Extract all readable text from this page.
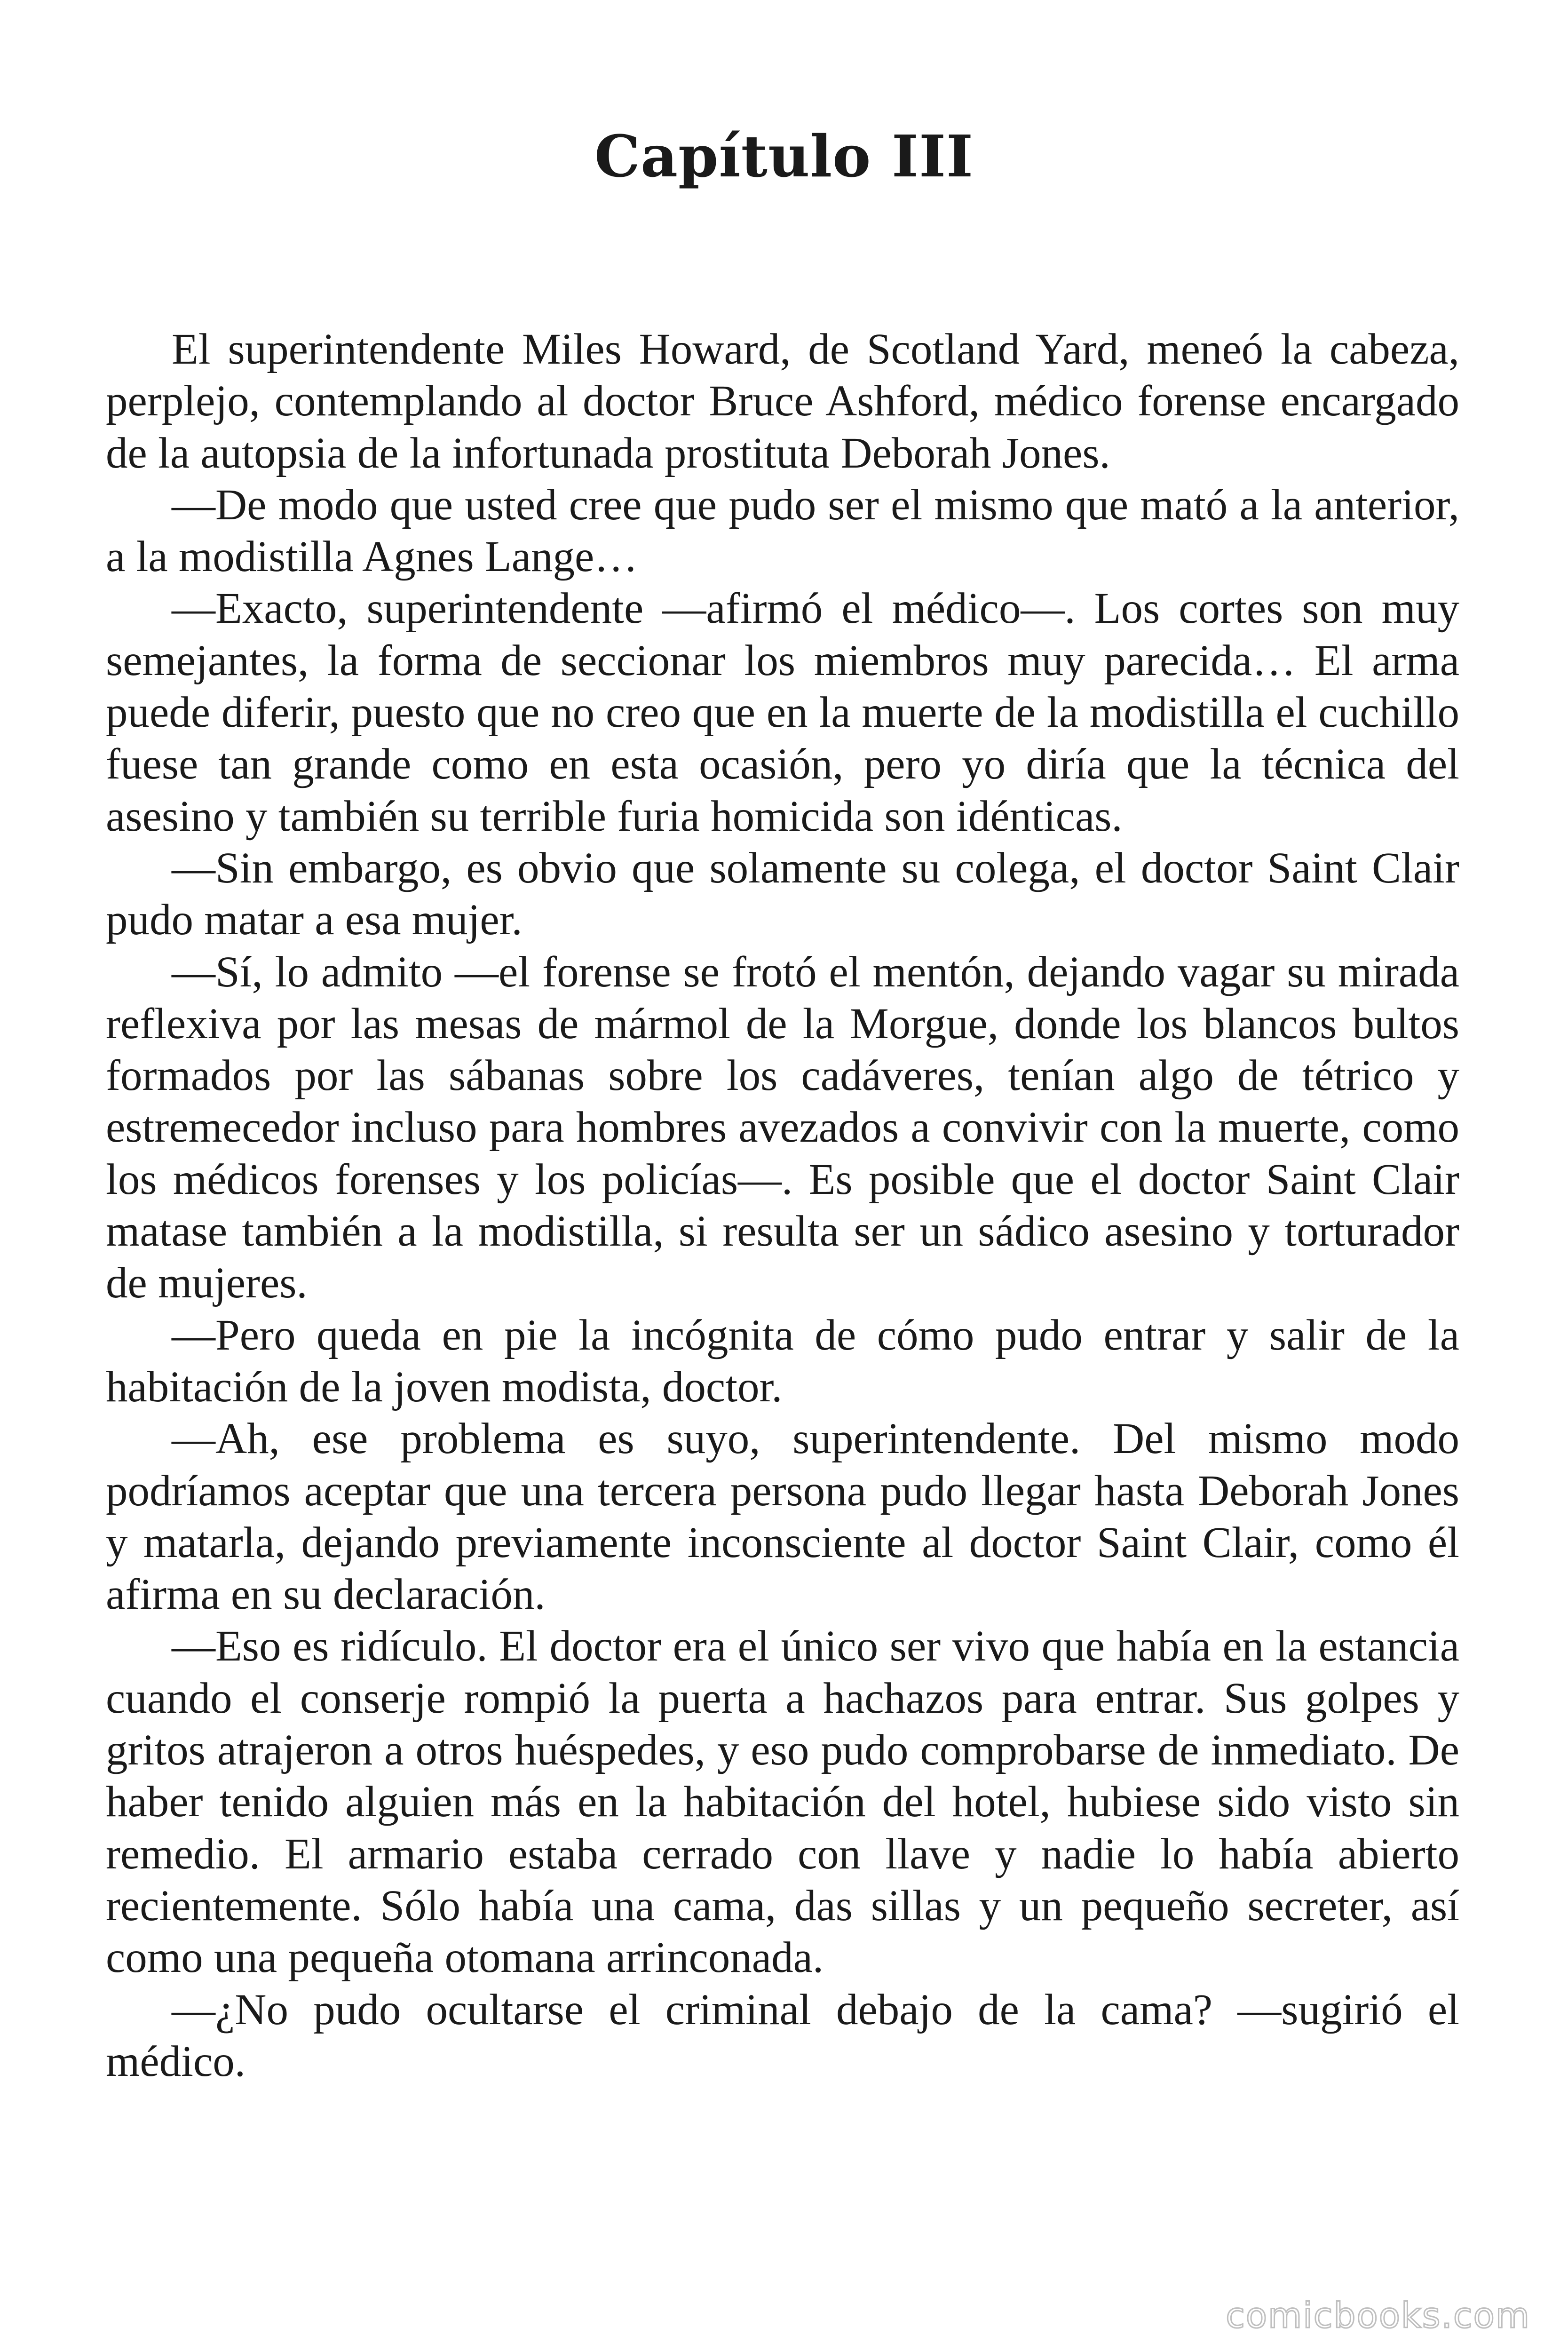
Capítulo III

El superintendente Miles Howard, de Scotland Yard, meneó la cabeza, perplejo, contemplando al doctor Bruce Ashford, médico forense encargado de la autopsia de la infortunada prostituta Deborah Jones.

—De modo que usted cree que pudo ser el mismo que mató a la anterior, a la modistilla Agnes Lange…

—Exacto, superintendente —afirmó el médico—. Los cortes son muy semejantes, la forma de seccionar los miembros muy parecida… El arma puede diferir, puesto que no creo que en la muerte de la modistilla el cuchillo fuese tan grande como en esta ocasión, pero yo diría que la técnica del asesino y también su terrible furia homicida son idénticas.

—Sin embargo, es obvio que solamente su colega, el doctor Saint Clair pudo matar a esa mujer.

—Sí, lo admito —el forense se frotó el mentón, dejando vagar su mirada reflexiva por las mesas de mármol de la Morgue, donde los blancos bultos formados por las sábanas sobre los cadáveres, tenían algo de tétrico y estremecedor incluso para hombres avezados a convivir con la muerte, como los médicos forenses y los policías—. Es posible que el doctor Saint Clair matase también a la modistilla, si resulta ser un sádico asesino y torturador de mujeres.

—Pero queda en pie la incógnita de cómo pudo entrar y salir de la habitación de la joven modista, doctor.

—Ah, ese problema es suyo, superintendente. Del mismo modo podríamos aceptar que una tercera persona pudo llegar hasta Deborah Jones y matarla, dejando previamente inconsciente al doctor Saint Clair, como él afirma en su declaración.

—Eso es ridículo. El doctor era el único ser vivo que había en la estancia cuando el conserje rompió la puerta a hachazos para entrar. Sus golpes y gritos atrajeron a otros huéspedes, y eso pudo comprobarse de inmediato. De haber tenido alguien más en la habitación del hotel, hubiese sido visto sin remedio. El armario estaba cerrado con llave y nadie lo había abierto recientemente. Sólo había una cama, das sillas y un pequeño secreter, así como una pequeña otomana arrinconada.

—¿No pudo ocultarse el criminal debajo de la cama? —sugirió el médico.

comicbooks.com
